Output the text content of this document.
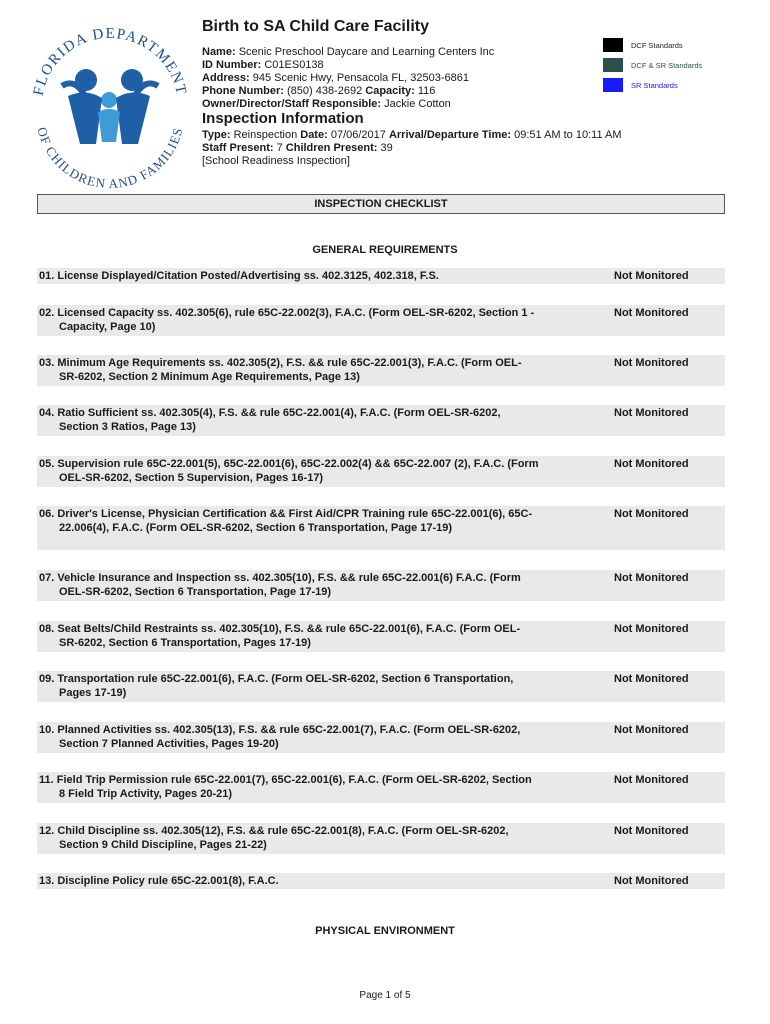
FLORIDA DEPARTMENT
OF CHILDREN AND FAMILIES

Birth to SA Child Care Facility

Name: Scenic Preschool Daycare and Learning Centers Inc

ID Number: C01ES0138

Address: 945 Scenic Hwy, Pensacola FL, 32503-6861

Phone Number: (850) 438-2692 Capacity: 116

Owner/Director/Staff Responsible: Jackie Cotton

DCF Standards
DCF & SR Standards
SR Standards
Inspection Information

Type: Reinspection Date: 07/06/2017 Arrival/Departure Time: 09:51 AM to 10:11 AM

Staff Present: 7 Children Present: 39

[School Readiness Inspection]

INSPECTION CHECKLIST
GENERAL REQUIREMENTS
01. License Displayed/Citation Posted/Advertising ss. 402.3125, 402.318, F.S.	Not Monitored
02. Licensed Capacity ss. 402.305(6), rule 65C-22.002(3), F.A.C. (Form OEL-SR-6202, Section 1 - Capacity, Page 10)
Not Monitored
03. Minimum Age Requirements ss. 402.305(2), F.S. && rule 65C-22.001(3), F.A.C. (Form OEL-SR-6202, Section 2 Minimum Age Requirements, Page 13)
Not Monitored
04. Ratio Sufficient ss. 402.305(4), F.S. && rule 65C-22.001(4), F.A.C. (Form OEL-SR-6202, Section 3 Ratios, Page 13)
Not Monitored
05. Supervision rule 65C-22.001(5), 65C-22.001(6), 65C-22.002(4) && 65C-22.007 (2), F.A.C. (Form OEL-SR-6202, Section 5 Supervision, Pages 16-17)
Not Monitored
06. Driver's License, Physician Certification && First Aid/CPR Training rule 65C-22.001(6), 65C-22.006(4), F.A.C. (Form OEL-SR-6202, Section 6 Transportation, Page 17-19)
Not Monitored
07. Vehicle Insurance and Inspection ss. 402.305(10), F.S. && rule 65C-22.001(6) F.A.C. (Form OEL-SR-6202, Section 6 Transportation, Page 17-19)
Not Monitored
08. Seat Belts/Child Restraints ss. 402.305(10), F.S. && rule 65C-22.001(6), F.A.C. (Form OEL-SR-6202, Section 6 Transportation, Pages 17-19)
Not Monitored
09. Transportation rule 65C-22.001(6), F.A.C. (Form OEL-SR-6202, Section 6 Transportation, Pages 17-19)
Not Monitored
10. Planned Activities ss. 402.305(13), F.S. && rule 65C-22.001(7), F.A.C. (Form OEL-SR-6202, Section 7 Planned Activities, Pages 19-20)
Not Monitored
11. Field Trip Permission rule 65C-22.001(7), 65C-22.001(6), F.A.C. (Form OEL-SR-6202, Section 8 Field Trip Activity, Pages 20-21)
Not Monitored
12. Child Discipline ss. 402.305(12), F.S. && rule 65C-22.001(8), F.A.C. (Form OEL-SR-6202, Section 9 Child Discipline, Pages 21-22)
Not Monitored
13. Discipline Policy rule 65C-22.001(8), F.A.C.	Not Monitored
PHYSICAL ENVIRONMENT
Page 1 of 5
